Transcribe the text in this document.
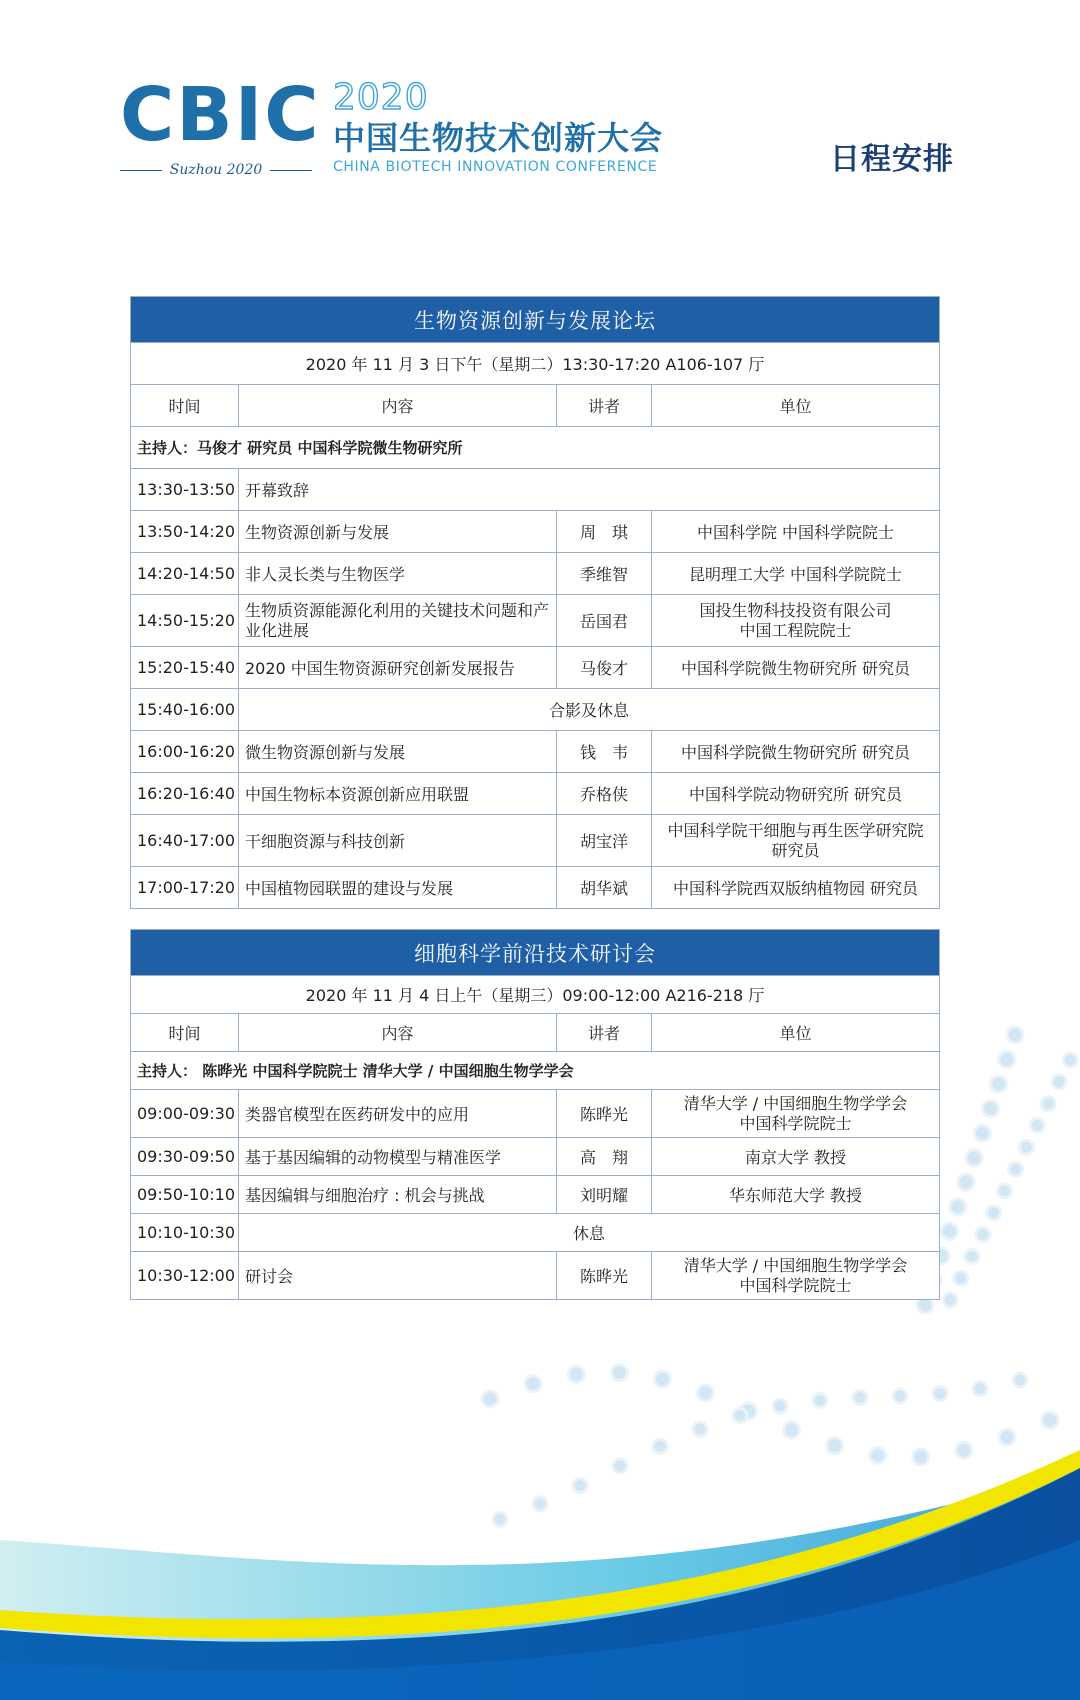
CBIC
Suzhou 2020
2020
中国生物技术创新大会
CHINA BIOTECH INNOVATION CONFERENCE	日程安排
生物资源创新与发展论坛			
2020 年 11 月 3 日下午（星期二）13:30-17:20 A106-107 厅			
时间	内容	讲者	单位
主持人：马俊才 研究员 中国科学院微生物研究所			
13:30-13:50	开幕致辞		
13:50-14:20	生物资源创新与发展	周　琪	中国科学院 中国科学院院士
14:20-14:50	非人灵长类与生物医学	季维智	昆明理工大学 中国科学院院士
14:50-15:20	生物质资源能源化利用的关键技术问题和产业化进展	岳国君	国投生物科技投资有限公司
中国工程院院士

15:20-15:40	2020 中国生物资源研究创新发展报告	马俊才	中国科学院微生物研究所 研究员
15:40-16:00	合影及休息		
16:00-16:20	微生物资源创新与发展	钱　韦	中国科学院微生物研究所 研究员
16:20-16:40	中国生物标本资源创新应用联盟	乔格侠	中国科学院动物研究所 研究员
16:40-17:00	干细胞资源与科技创新	胡宝洋	中国科学院干细胞与再生医学研究院
研究员

17:00-17:20	中国植物园联盟的建设与发展	胡华斌	中国科学院西双版纳植物园 研究员
细胞科学前沿技术研讨会			
2020 年 11 月 4 日上午（星期三）09:00-12:00 A216-218 厅			
时间	内容	讲者	单位
主持人： 陈晔光 中国科学院院士 清华大学 / 中国细胞生物学学会			
09:00-09:30	类器官模型在医药研发中的应用	陈晔光	清华大学 / 中国细胞生物学学会
中国科学院院士

09:30-09:50	基于基因编辑的动物模型与精准医学	高　翔	南京大学 教授
09:50-10:10	基因编辑与细胞治疗 : 机会与挑战	刘明耀	华东师范大学 教授
10:10-10:30	休息		
10:30-12:00	研讨会	陈晔光	清华大学 / 中国细胞生物学学会
中国科学院院士
